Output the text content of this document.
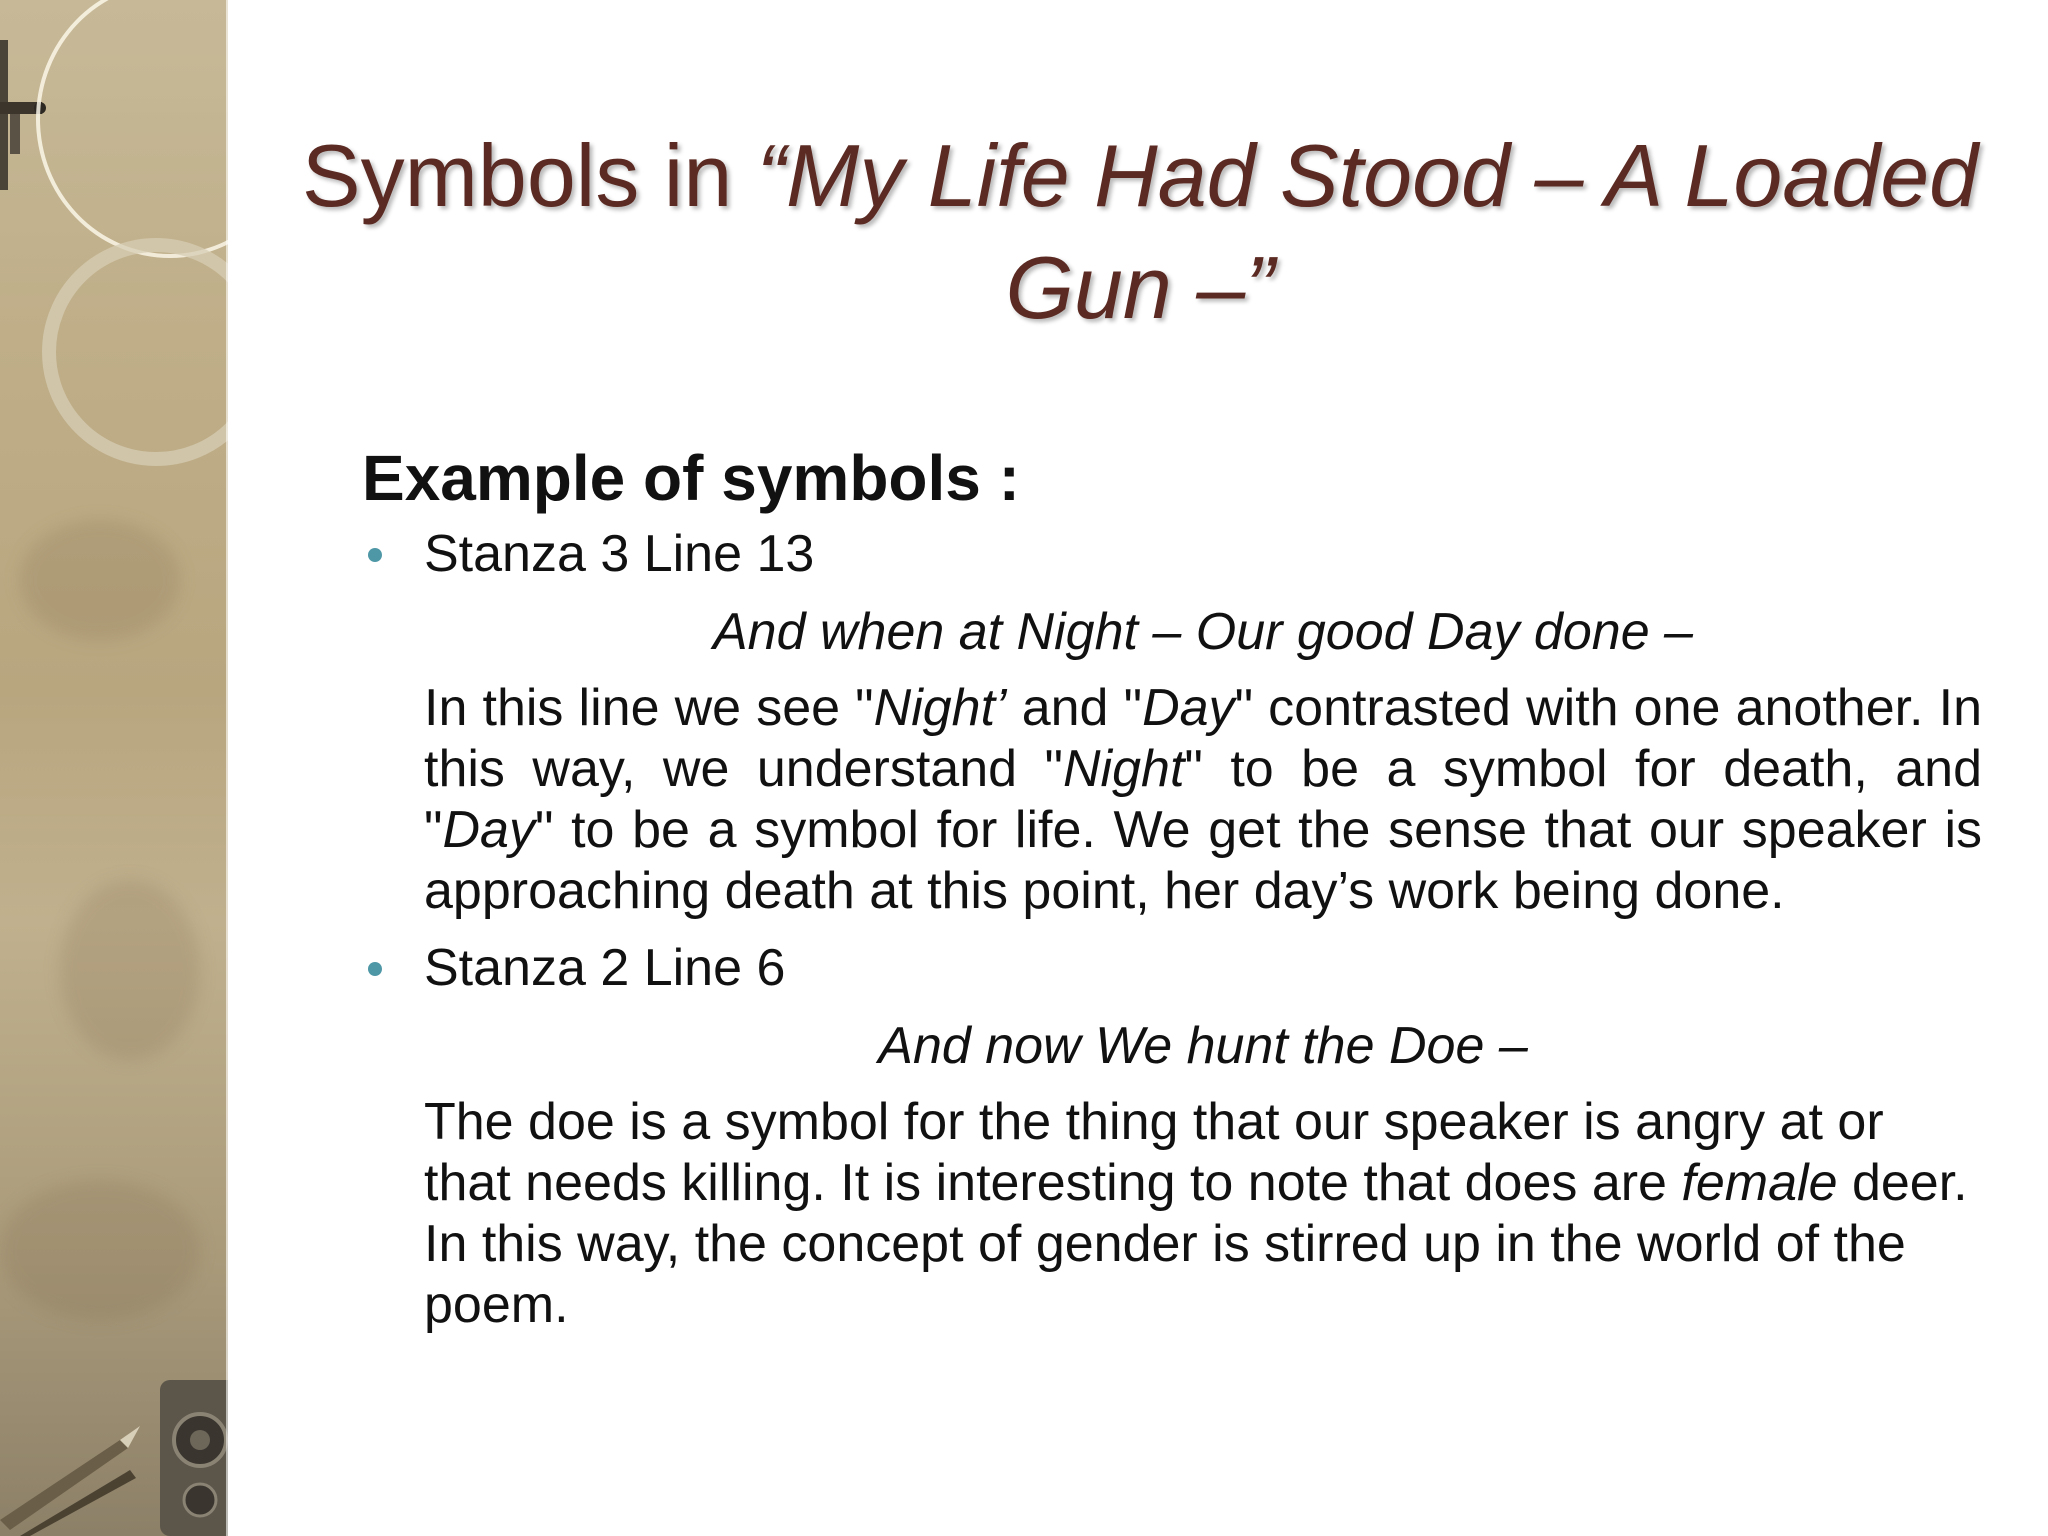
Symbols in “My Life Had Stood – A Loaded Gun –”
Example of symbols :
Stanza 3 Line 13
And when at Night – Our good Day done –
In this line we see "Night’ and "Day" contrasted with one another. In this way, we understand "Night" to be a symbol for death, and "Day" to be a symbol for life. We get the sense that our speaker is approaching death at this point, her day’s work being done.
Stanza 2 Line 6
And now We hunt the Doe –
The doe is a symbol for the thing that our speaker is angry at or that needs killing. It is interesting to note that does are female deer. In this way, the concept of gender is stirred up in the world of the poem.
